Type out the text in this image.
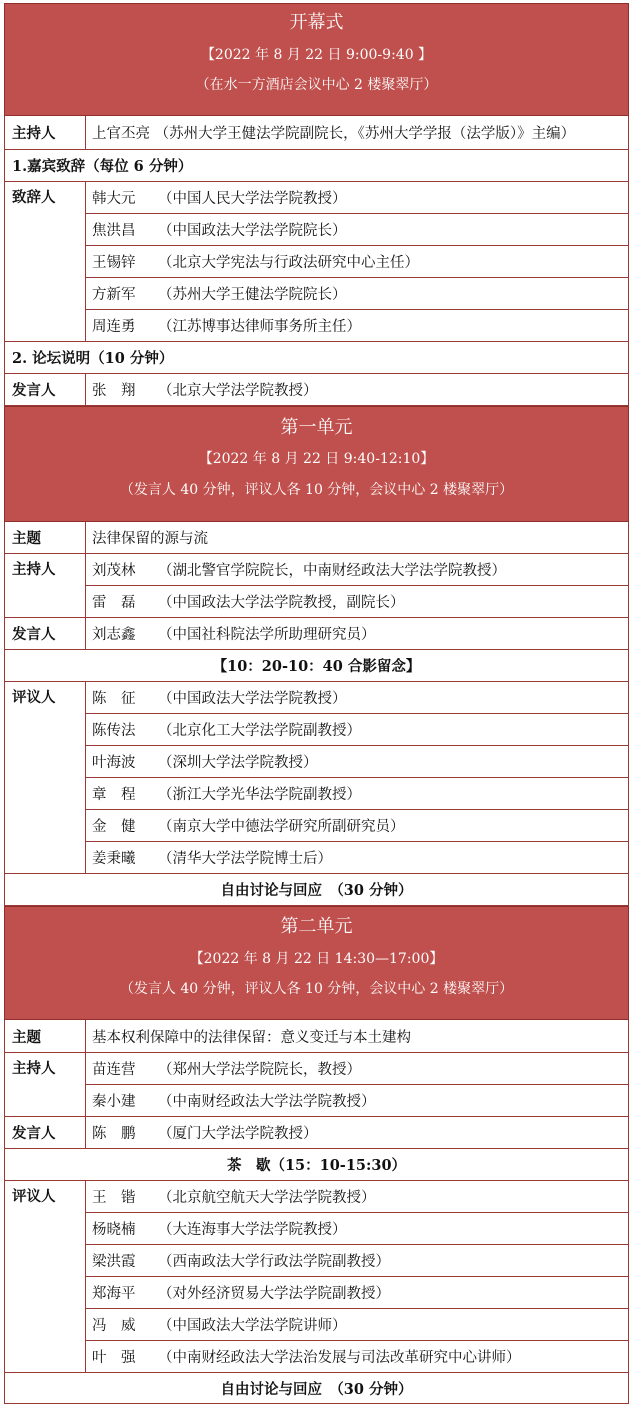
开幕式
【2022 年 8 月 22 日 9:00-9:40 】
（在水一方酒店会议中心 2 楼聚翠厅）
主持人	上官丕亮 （苏州大学王健法学院副院长，《苏州大学学报（法学版）》主编）
1.嘉宾致辞（每位 6 分钟）
致辞人	韩大元	（中国人民大学法学院教授）
焦洪昌	（中国政法大学法学院院长）
王锡锌	（北京大学宪法与行政法研究中心主任）
方新军	（苏州大学王健法学院院长）
周连勇	（江苏博事达律师事务所主任）
2. 论坛说明（10 分钟）
发言人	张　翔	（北京大学法学院教授）
第一单元
【2022 年 8 月 22 日 9:40-12:10】
（发言人 40 分钟，评议人各 10 分钟，会议中心 2 楼聚翠厅）
主题	法律保留的源与流
主持人	刘茂林	（湖北警官学院院长，中南财经政法大学法学院教授）
雷　磊	（中国政法大学法学院教授，副院长）
发言人	刘志鑫	（中国社科院法学所助理研究员）
【10：20-10：40 合影留念】
评议人	陈　征	（中国政法大学法学院教授）
陈传法	（北京化工大学法学院副教授）
叶海波	（深圳大学法学院教授）
章　程	（浙江大学光华法学院副教授）
金　健	（南京大学中德法学研究所副研究员）
姜秉曦	（清华大学法学院博士后）
自由讨论与回应　（30 分钟）
第二单元
【2022 年 8 月 22 日 14:30—17:00】
（发言人 40 分钟，评议人各 10 分钟，会议中心 2 楼聚翠厅）
主题	基本权利保障中的法律保留：意义变迁与本土建构
主持人	苗连营	（郑州大学法学院院长，教授）
秦小建	（中南财经政法大学法学院教授）
发言人	陈　鹏	（厦门大学法学院教授）
茶　歇（15：10-15:30）
评议人	王　锴	（北京航空航天大学法学院教授）
杨晓楠	（大连海事大学法学院教授）
梁洪霞	（西南政法大学行政法学院副教授）
郑海平	（对外经济贸易大学法学院副教授）
冯　威	（中国政法大学法学院讲师）
叶　强	（中南财经政法大学法治发展与司法改革研究中心讲师）
自由讨论与回应　（30 分钟）
